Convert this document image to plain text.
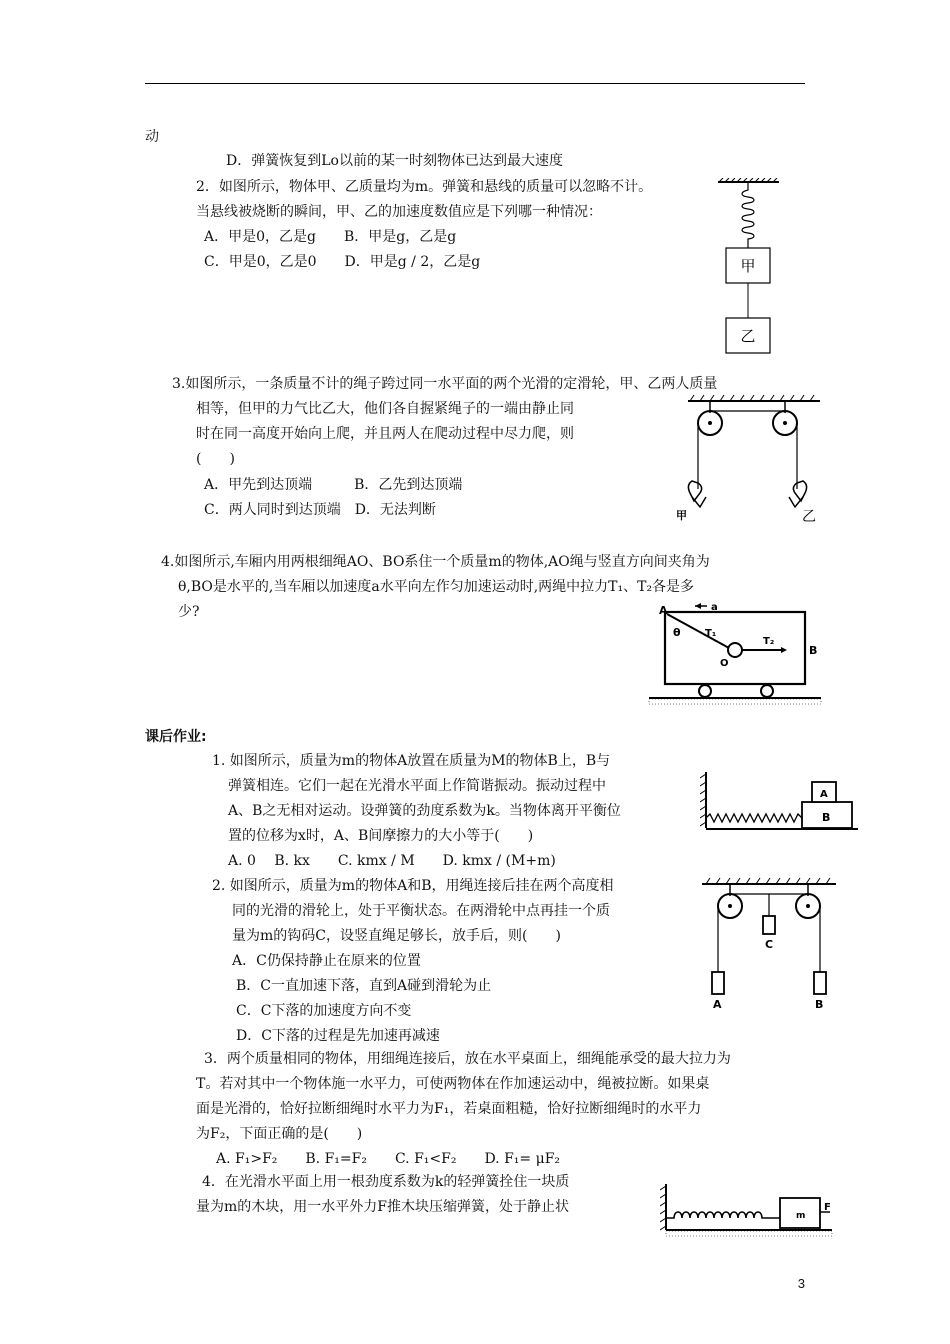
动
D．弹簧恢复到Lo以前的某一时刻物体已达到最大速度
2．如图所示，物体甲、乙质量均为m。弹簧和悬线的质量可以忽略不计。
当悬线被烧断的瞬间，甲、乙的加速度数值应是下列哪一种情况：
A．甲是0，乙是g　　B．甲是g，乙是g
C．甲是0，乙是0　　D．甲是g / 2，乙是g	甲
乙
3.如图所示，一条质量不计的绳子跨过同一水平面的两个光滑的定滑轮，甲、乙两人质量
相等，但甲的力气比乙大，他们各自握紧绳子的一端由静止同
时在同一高度开始向上爬，并且两人在爬动过程中尽力爬，则
(　　)
A．甲先到达顶端　　　B．乙先到达顶端
C．两人同时到达顶端　D．无法判断	甲	乙
4.如图所示,车厢内用两根细绳AO、BO系住一个质量m的物体,AO绳与竖直方向间夹角为
θ,BO是水平的,当车厢以加速度a水平向左作匀加速运动时,两绳中拉力T₁、T₂各是多
少?	a
A
θ T₁
T₂
O
B
课后作业:
1. 如图所示，质量为m的物体A放置在质量为M的物体B上，B与
弹簧相连。它们一起在光滑水平面上作简谐振动。振动过程中
A、B之无相对运动。设弹簧的劲度系数为k。当物体离开平衡位
置的位移为x时，A、B间摩擦力的大小等于(　　)
A. 0　 B. kx　　C. kmx / M　　D. kmx / (M+m)
B
A
2. 如图所示，质量为m的物体A和B，用绳连接后挂在两个高度相
同的光滑的滑轮上，处于平衡状态。在两滑轮中点再挂一个质
量为m的钩码C，设竖直绳足够长，放手后，则(　　)
A．C仍保持静止在原来的位置
B．C一直加速下落，直到A碰到滑轮为止
C．C下落的加速度方向不变
D．C下落的过程是先加速再减速
C
A	B
3．两个质量相同的物体，用细绳连接后，放在水平桌面上，细绳能承受的最大拉力为
T。若对其中一个物体施一水平力，可使两物体在作加速运动中，绳被拉断。如果桌
面是光滑的，恰好拉断细绳时水平力为F₁，若桌面粗糙，恰好拉断细绳时的水平力
为F₂，下面正确的是(　　)
A. F₁>F₂　　B. F₁=F₂　　C. F₁<F₂　　D. F₁= μF₂
4．在光滑水平面上用一根劲度系数为k的轻弹簧拴住一块质
量为m的木块，用一水平外力F推木块压缩弹簧，处于静止状
m
F
3
